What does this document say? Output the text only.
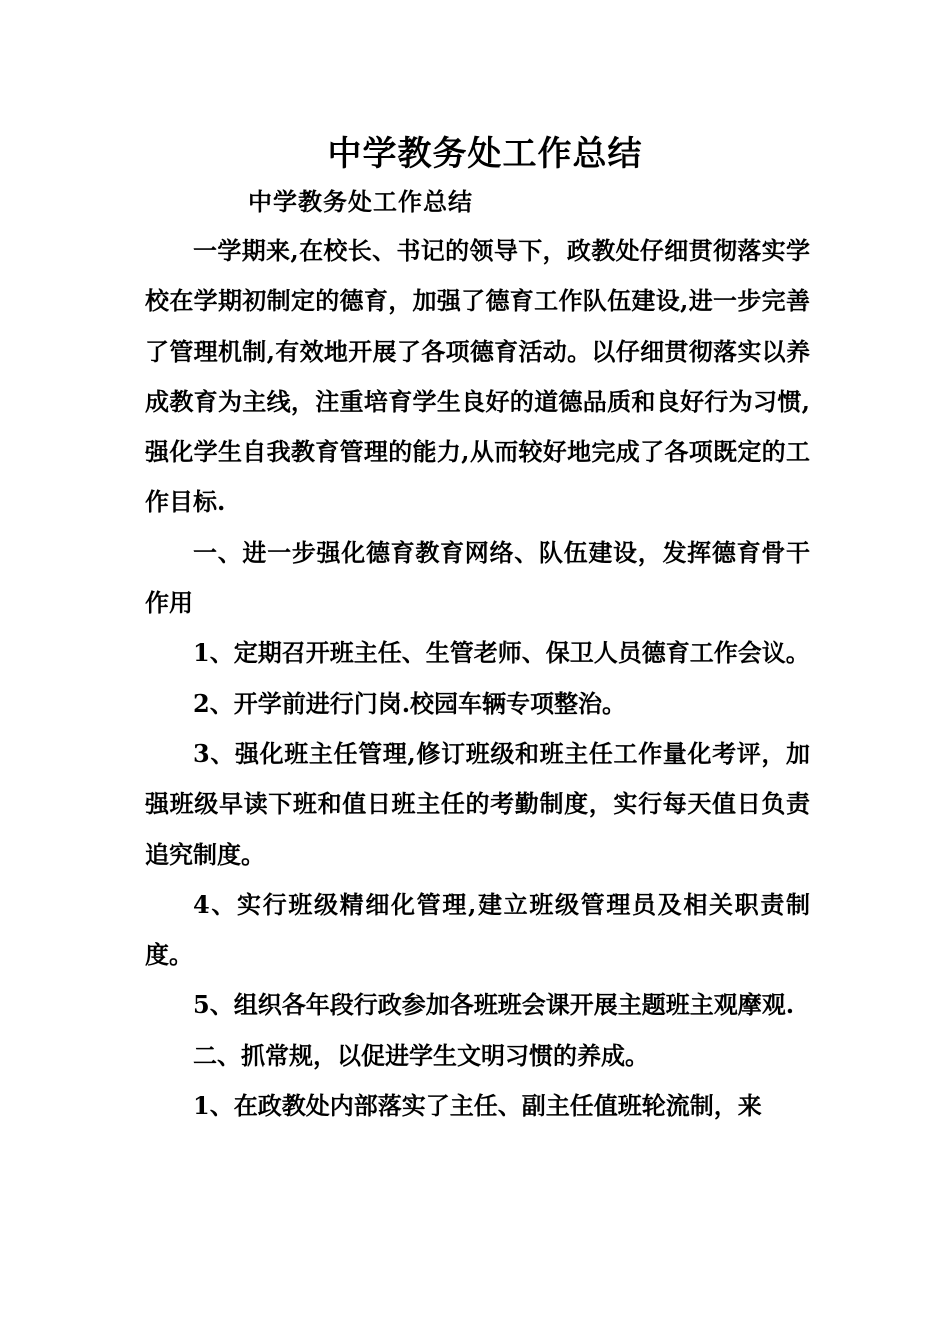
中学教务处工作总结
中学教务处工作总结

一学期来,在校长、书记的领导下，政教处仔细贯彻落实学校在学期初制定的德育，加强了德育工作队伍建设,进一步完善了管理机制,有效地开展了各项德育活动。以仔细贯彻落实以养成教育为主线，注重培育学生良好的道德品质和良好行为习惯,强化学生自我教育管理的能力,从而较好地完成了各项既定的工作目标.

一、进一步强化德育教育网络、队伍建设，发挥德育骨干作用

1、定期召开班主任、生管老师、保卫人员德育工作会议。

2、开学前进行门岗.校园车辆专项整治。

3、强化班主任管理,修订班级和班主任工作量化考评，加强班级早读下班和值日班主任的考勤制度，实行每天值日负责追究制度。

4、实行班级精细化管理,建立班级管理员及相关职责制度。

5、组织各年段行政参加各班班会课开展主题班主观摩观.

二、抓常规，以促进学生文明习惯的养成。

1、在政教处内部落实了主任、副主任值班轮流制，来
